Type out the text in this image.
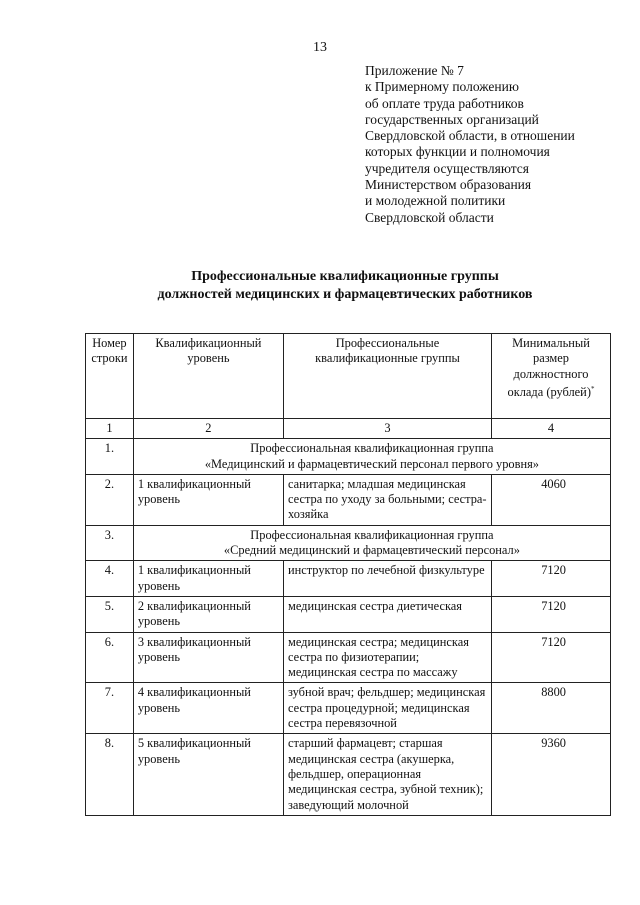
13
Приложение № 7
к Примерному положению
об оплате труда работников
государственных организаций
Свердловской области, в отношении
которых функции и полномочия
учредителя осуществляются
Министерством образования
и молодежной политики
Свердловской области
Профессиональные квалификационные группы
должностей медицинских и фармацевтических работников
Номер строки	Квалификационный уровень	Профессиональные квалификационные группы	Минимальный размер должностного оклада (рублей)*
1	2	3	4
1.	Профессиональная квалификационная группа
«Медицинский и фармацевтический персонал первого уровня»		

2.	1 квалификационный уровень	санитарка; младшая медицинская сестра по уходу за больными; сестра-хозяйка	4060
3.	Профессиональная квалификационная группа
«Средний медицинский и фармацевтический персонал»		

4.	1 квалификационный уровень	инструктор по лечебной физкультуре	7120
5.	2 квалификационный уровень	медицинская сестра диетическая	7120
6.	3 квалификационный уровень	медицинская сестра; медицинская сестра по физиотерапии; медицинская сестра по массажу	7120
7.	4 квалификационный уровень	зубной врач; фельдшер; медицинская сестра процедурной; медицинская сестра перевязочной	8800
8.	5 квалификационный уровень	старший фармацевт; старшая медицинская сестра (акушерка, фельдшер, операционная медицинская сестра, зубной техник); заведующий молочной	9360
